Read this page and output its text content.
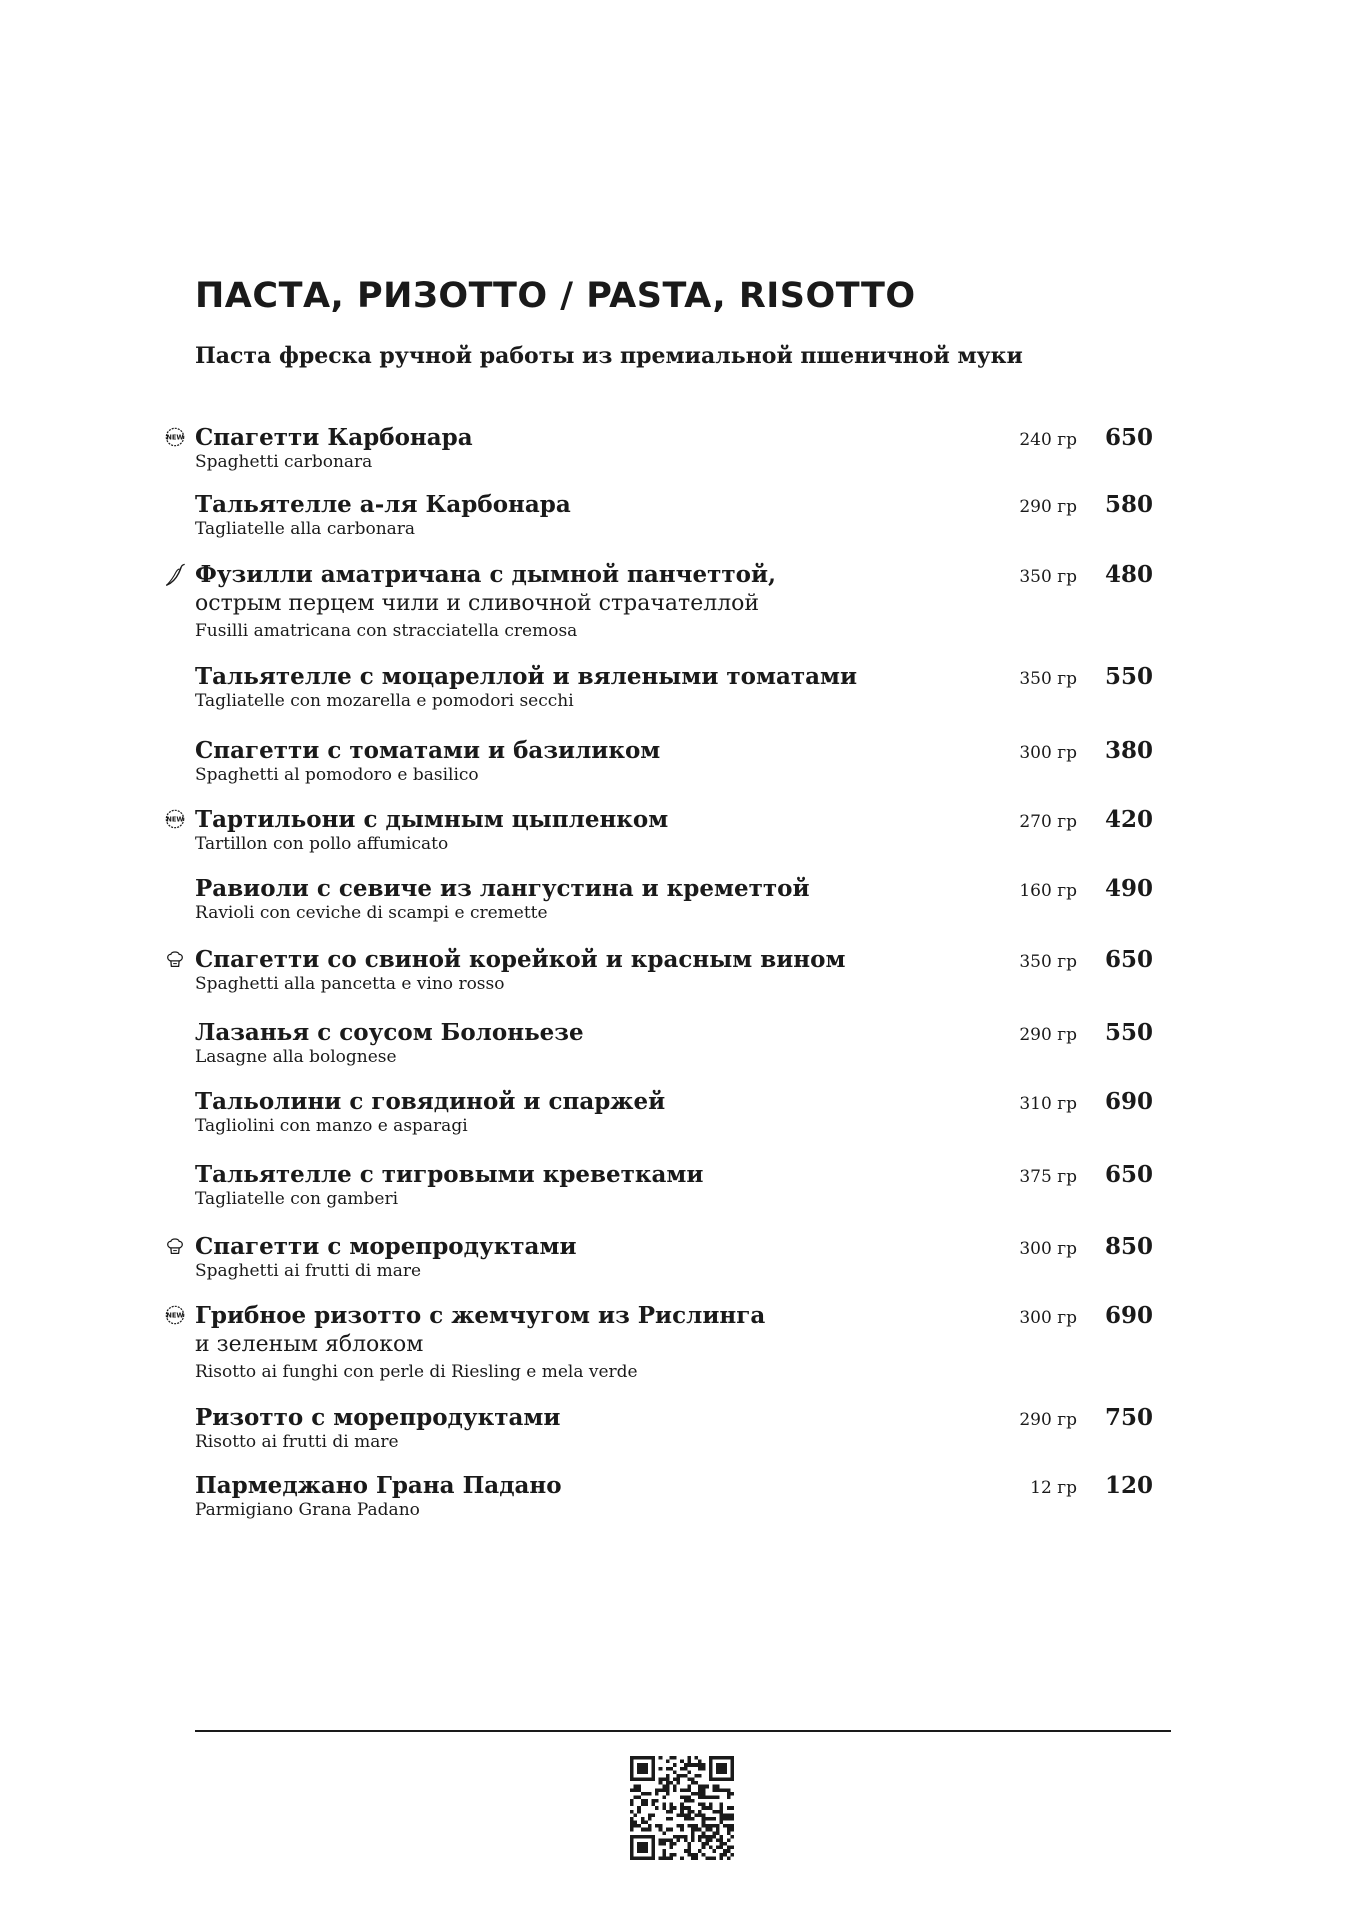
ПАСТА, РИЗОТТО / PASTA, RISOTTO
Паста фреска ручной работы из премиальной пшеничной муки
NEW Спагетти Карбонара
Spaghetti carbonara
240 гр	650
Тальятелле а-ля Карбонара
Tagliatelle alla carbonara
290 гр	580
Фузилли аматричана с дымной панчеттой,
острым перцем чили и сливочной страчателлой
Fusilli amatricana con stracciatella cremosa
350 гр	480
Тальятелле с моцареллой и вялеными томатами
Tagliatelle con mozarella e pomodori secchi
350 гр	550
Спагетти с томатами и базиликом
Spaghetti al pomodoro e basilico
300 гр	380
NEW Тартильони с дымным цыпленком
Tartillon con pollo affumicato
270 гр	420
Равиоли с севиче из лангустина и креметтой
Ravioli con ceviche di scampi e cremette
160 гр	490
Спагетти со свиной корейкой и красным вином
Spaghetti alla pancetta e vino rosso
350 гр	650
Лазанья с соусом Болоньезе
Lasagne alla bolognese
290 гр	550
Тальолини с говядиной и спаржей
Tagliolini con manzo e asparagi
310 гр	690
Тальятелле с тигровыми креветками
Tagliatelle con gamberi
375 гр	650
Спагетти с морепродуктами
Spaghetti ai frutti di mare
300 гр	850
NEW Грибное ризотто с жемчугом из Рислинга
и зеленым яблоком
Risotto ai funghi con perle di Riesling e mela verde
300 гр	690
Ризотто с морепродуктами
Risotto ai frutti di mare
290 гр	750
Пармеджано Грана Падано
Parmigiano Grana Padano
12 гр	120
